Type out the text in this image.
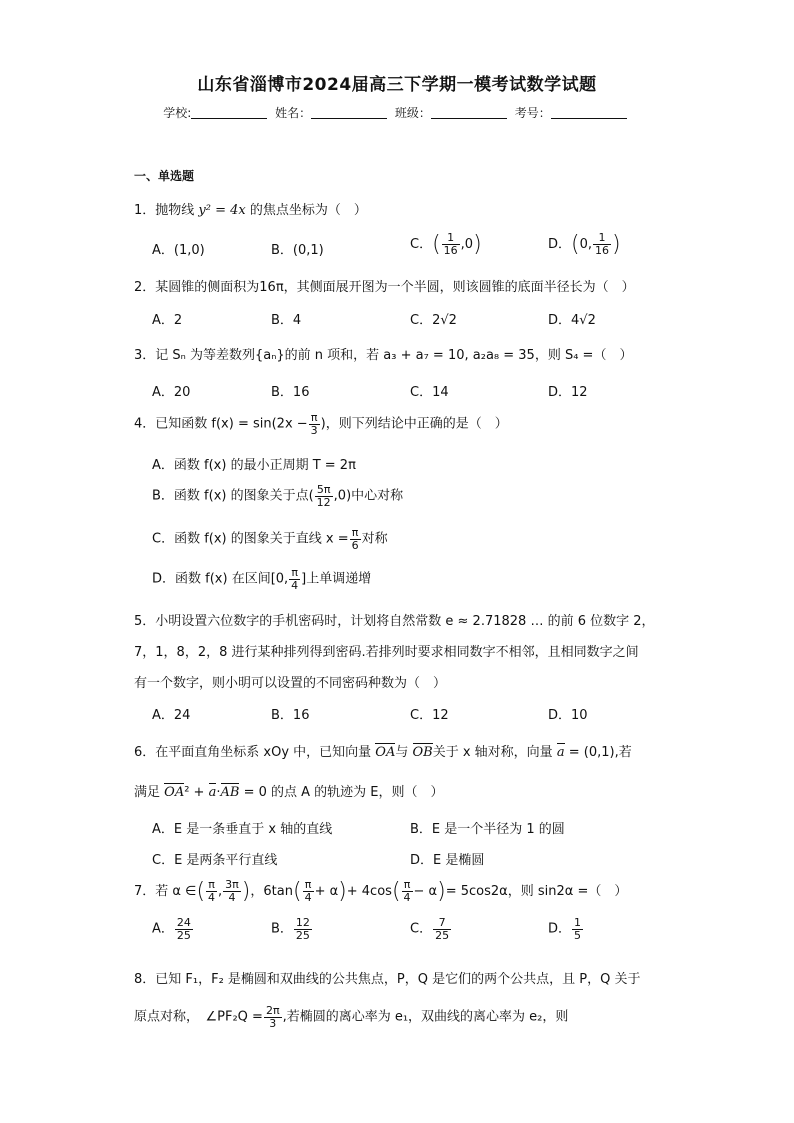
山东省淄博市2024届高三下学期一模考试数学试题
学校:	姓名：	班级：	考号：
一、单选题
1．抛物线 y² = 4x 的焦点坐标为（　）
A．(1,0)	B．(0,1)	C．( $\frac{1}{16} ,0$)	D．(0, $\frac{1}{16}$ )
2．某圆锥的侧面积为16π，其侧面展开图为一个半圆，则该圆锥的底面半径长为（　）
A．2	B．4	C．2√2	D．4√2
3．记 Sₙ 为等差数列{aₙ}的前 n 项和，若 a₃ + a₇ = 10, a₂a₈ = 35，则 S₄ =（　）
A．20	B．16	C．14	D．12
4．已知函数 $f(x) = \sin(2x - \frac{\pi}{3}$ )，则下列结论中正确的是（　）
A．函数 f(x) 的最小正周期 T = 2π
B．函数 f(x) 的图象关于点( $\frac{5\pi}{12} ,0$)中心对称
C．函数 f(x) 的图象关于直线 $x = \frac{\pi}{6}$ 对称
D．函数 f(x) 在区间[0, $\frac{\pi}{4}$ ]上单调递增
5．小明设置六位数字的手机密码时，计划将自然常数 e ≈ 2.71828 … 的前 6 位数字 2，
7，1，8，2，8 进行某种排列得到密码.若排列时要求相同数字不相邻，且相同数字之间
有一个数字，则小明可以设置的不同密码种数为（　）
A．24	B．16	C．12	D．10
6．在平面直角坐标系 xOy 中，已知向量 OA与 OB关于 x 轴对称，向量 a = (0,1),若
满足 OA² + a·AB = 0 的点 A 的轨迹为 E，则（　）
A．E 是一条垂直于 x 轴的直线	B．E 是一个半径为 1 的圆
C．E 是两条平行直线	D．E 是椭圆
7．若 α ∈( $\frac{\pi}{4}$ , $\frac{3\pi}{4}$ )，$6\tan( \frac{\pi}{4} + \alpha)+ 4\cos( \frac{\pi}{4} - \alpha)= 5\cos 2\alpha$，则 sin2α =（　）
A． $\frac{24}{25}$	B． $\frac{12}{25}$	C． $\frac{7}{25}$	D． $\frac{1}{5}$
8．已知 F₁，F₂ 是椭圆和双曲线的公共焦点，P，Q 是它们的两个公共点，且 P，Q 关于
原点对称，　∠PF₂Q = $\frac{2\pi}{3}$ ,若椭圆的离心率为 e₁，双曲线的离心率为 e₂，则
